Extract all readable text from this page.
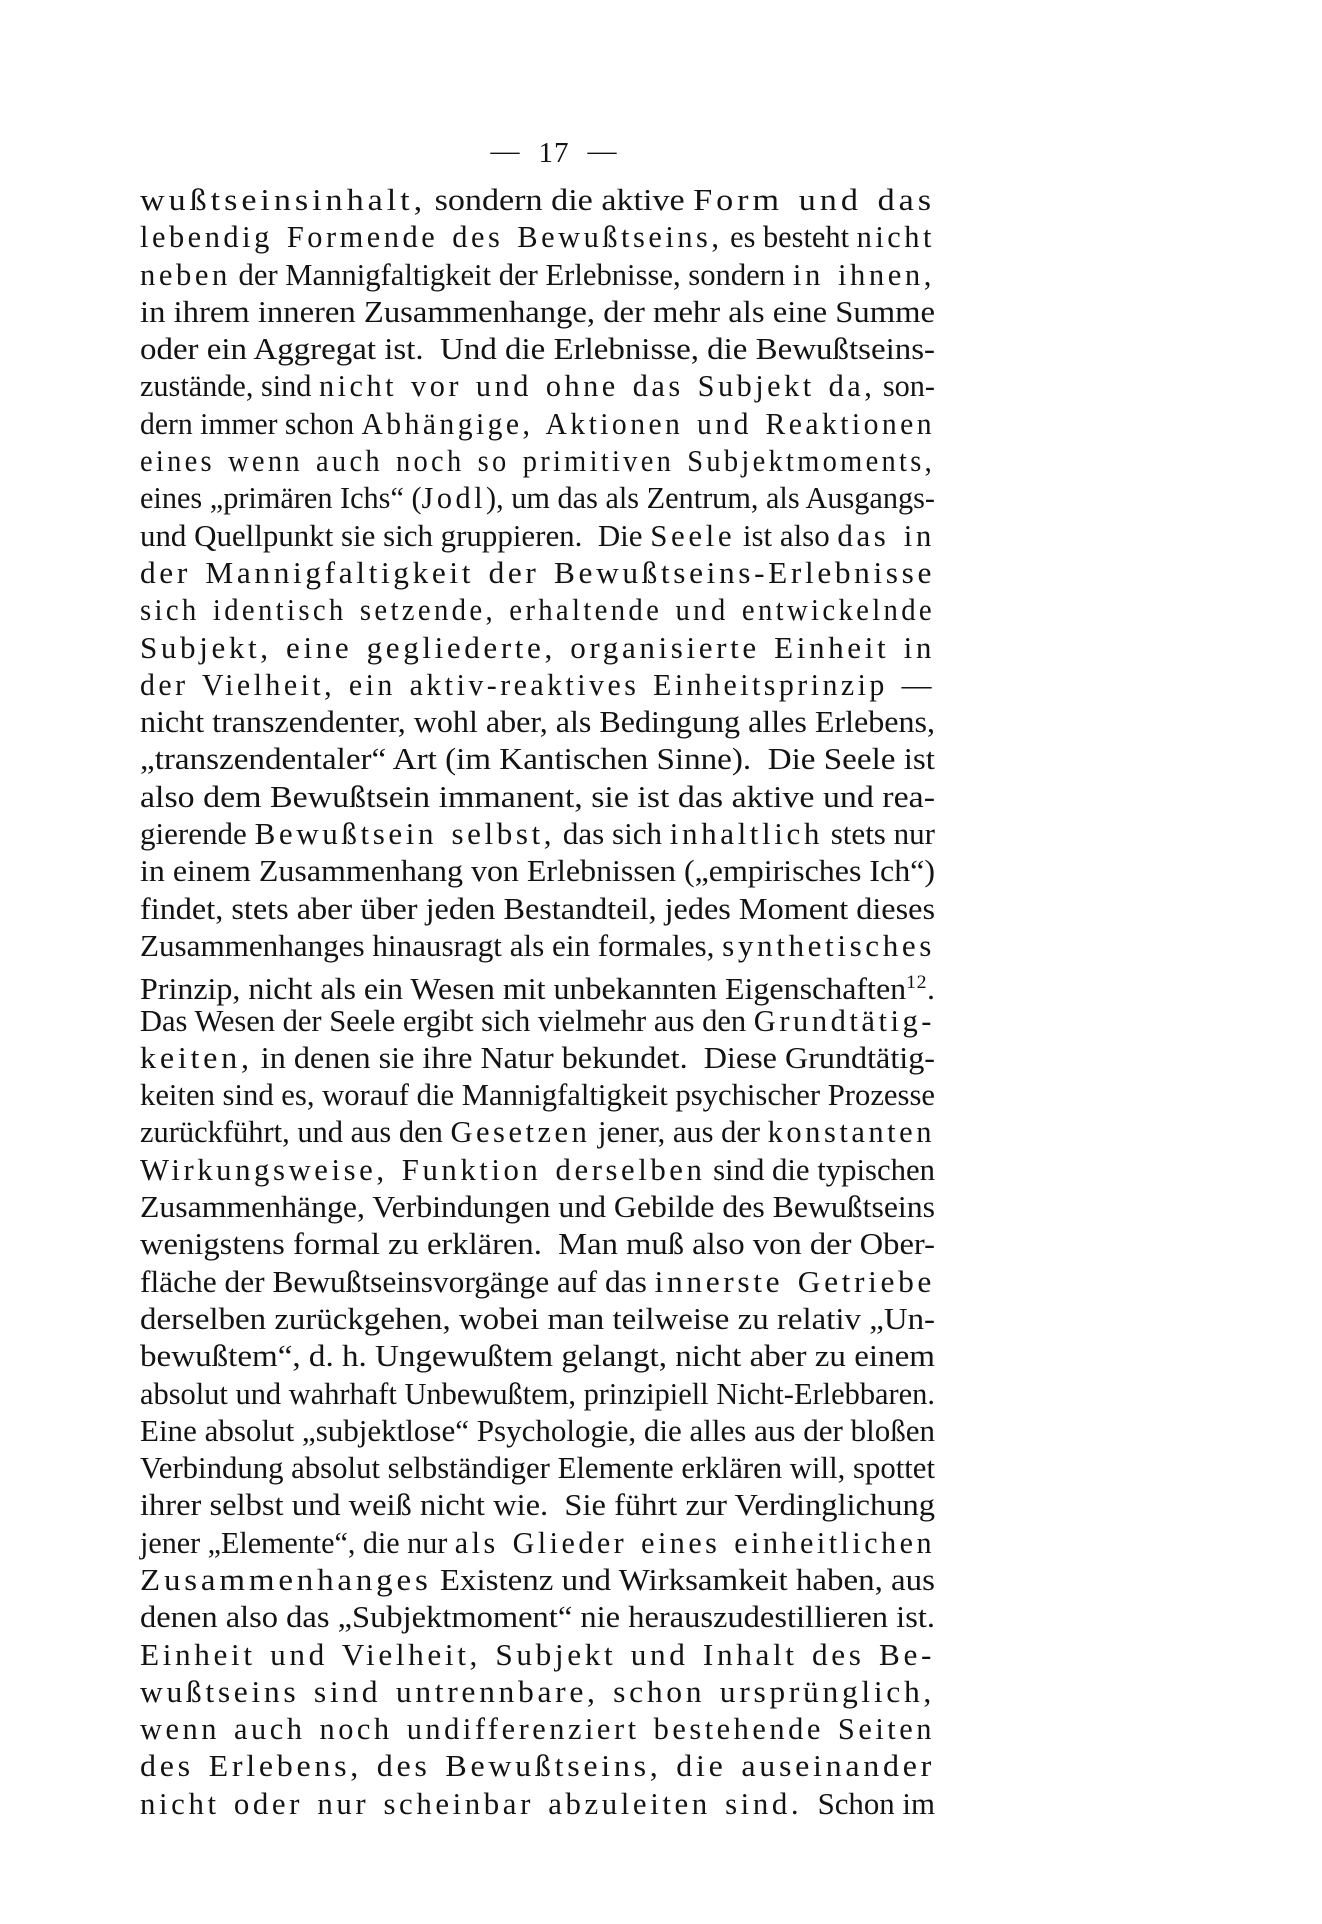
— 17 —

wußtseinsinhalt, sondern die aktive Form und das
lebendig Formende des Bewußtseins, es besteht nicht
neben der Mannigfaltigkeit der Erlebnisse, sondern in ihnen,
in ihrem inneren Zusammenhange, der mehr als eine Summe
oder ein Aggregat ist.  Und die Erlebnisse, die Bewußtseins-
zustände, sind nicht vor und ohne das Subjekt da, son-
dern immer schon Abhängige, Aktionen und Reaktionen
eines wenn auch noch so primitiven Subjektmoments,
eines „primären Ichs“ (Jodl), um das als Zentrum, als Ausgangs-
und Quellpunkt sie sich gruppieren.  Die Seele ist also das in
der Mannigfaltigkeit der Bewußtseins-Erlebnisse
sich identisch setzende, erhaltende und entwickelnde
Subjekt, eine gegliederte, organisierte Einheit in
der Vielheit, ein aktiv-reaktives Einheitsprinzip —
nicht transzendenter, wohl aber, als Bedingung alles Erlebens,
„transzendentaler“ Art (im Kantischen Sinne).  Die Seele ist
also dem Bewußtsein immanent, sie ist das aktive und rea-
gierende Bewußtsein selbst, das sich inhaltlich stets nur
in einem Zusammenhang von Erlebnissen („empirisches Ich“)
findet, stets aber über jeden Bestandteil, jedes Moment dieses
Zusammenhanges hinausragt als ein formales, synthetisches
Prinzip, nicht als ein Wesen mit unbekannten Eigenschaften$^{12}$.
Das Wesen der Seele ergibt sich vielmehr aus den Grundtätig-
keiten, in denen sie ihre Natur bekundet.  Diese Grundtätig-
keiten sind es, worauf die Mannigfaltigkeit psychischer Prozesse
zurückführt, und aus den Gesetzen jener, aus der konstanten
Wirkungsweise, Funktion derselben sind die typischen
Zusammenhänge, Verbindungen und Gebilde des Bewußtseins
wenigstens formal zu erklären.  Man muß also von der Ober-
fläche der Bewußtseinsvorgänge auf das innerste Getriebe
derselben zurückgehen, wobei man teilweise zu relativ „Un-
bewußtem“, d. h. Ungewußtem gelangt, nicht aber zu einem
absolut und wahrhaft Unbewußtem, prinzipiell Nicht-Erlebbaren.
Eine absolut „subjektlose“ Psychologie, die alles aus der bloßen
Verbindung absolut selbständiger Elemente erklären will, spottet
ihrer selbst und weiß nicht wie.  Sie führt zur Verdinglichung
jener „Elemente“, die nur als Glieder eines einheitlichen
Zusammenhanges Existenz und Wirksamkeit haben, aus
denen also das „Subjektmoment“ nie herauszudestillieren ist.
Einheit und Vielheit, Subjekt und Inhalt des Be-
wußtseins sind untrennbare, schon ursprünglich,
wenn auch noch undifferenziert bestehende Seiten
des Erlebens, des Bewußtseins, die auseinander
nicht oder nur scheinbar abzuleiten sind.  Schon im
